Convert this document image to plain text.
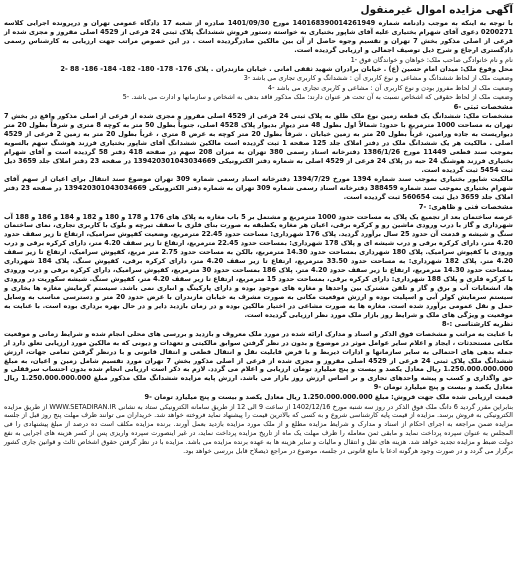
آگهی مزایده اموال غیرمنقول
با توجه به اینکه به موجب دادنامه شماره 140168390014261949 مورخ 1401/09/30 صادره از شعبه 17 دادگاه عمومی تهران و درپرونده اجرایی کلاسه 0200271 دعوی آقای شهرام بختیاری علیه آقای شاپور بختیاری به خواسته دستور فروش ششدانگ پلاک ثبتی 24 فرعی از 4529 اصلی مفروز و مجزی شده از فرعی از اصلی مذکور بخش 7 تهران و تقسیم وجوه حاصل از آن بین مالکین صادرگردیده است . در این خصوص مراتب جهت ارزیابی به کارشناس رسمی دادگستری ارجاع و شرح ذیل توصیف اجمالی و ارزیابی گردیده است.
نام و نام خانوادگی صاحب ملک: خواهان و خواندگان فوق -1
محل وقوع ملک: میدان امام حسین (ع) . خیابان برادران شهید ثقفی امانی . خیابان مازندران . پلاک 176- 178- 180- 182- 184- 186- 88 -2
وضعیت ملک از لحاظ ششدانگ و مشاعی و نوع کاربری آن : ششدانگ و کاربری تجاری می باشد -3
وضعیت ملک از لحاظ مفروز بودن و نوع کاربری آن : مشاعی و کاربری تجاری می باشد -4
وضعیت ملک از لحاظ حقوقی که اشخاص نسبت به آن تحت هر عنوان دارند: ملک مذکور فاقد بدهی به اشخاص و سازمانها و ادارت می باشد. -5
مشخصات ثبتی -6
مشخصات ملک: ششدانگ یک قطعه زمین نوع ملک طلق به پلاک ثبتی 24 فرعی از 4529 اصلی مفروز و مجزی شده از فرعی از اصلی مذکور واقع در بخش 7 تهران به مساحت 1000 مترمربع با حدود: شمالاً اول بطول 48 متر دیوار بدیوار پلاک 4528 اصلی، جنوباً بطول 50 متر به کوچه 8 متری و شرقاً بطول 20 متر دیواریست به جاده ورامین، غرباً بطول 20 متر به زمین خیابان . شرقاً بطول 20 متر کوچه به عرض 8 متری ، غرباً بطول 20 متر به زمین 2 فرعی از 4529 اصلی . مالکیت هر یک ششدانگ ملک در دفتر املاک جلد 125 صفحه 1 ثبت گردیده است مالکین ششدانگ آقای شاپور بختیاری فرزند هوشنگ سهم بالسویه بموجب سند قطعی 11449 مورخ 1386/1/26 دفترخانه اسناد رسمی 380 تهران به میزان 208 سهم در صفحه 418 دفتر 58 گردیده است و آقای شهرام بختیاری فرزند هوشنگ 24 حبه در پلاک 24 فرعی از 4529 اصلی به شماره دفتر الکترونیکی 139420301043034669 در صفحه 23 دفتر املاک جلد 3659 ذیل ثبت 5454 ثبت گردیده است.
مالکیت شاپور بختیاری بموجب سند شماره 1394 مورخ 1394/7/29 دفترخانه اسناد رسمی شماره 309 تهران موضوع سند انتقال برای اعیان از سهم آقای شهرام بختیاری بموجب سند شماره 388459 دفترخانه اسناد رسمی شماره 309 تهران به شماره دفتر الکترونیکی 139420301043034669 در صفحه 23 دفتر املاک جلد 3659 ذیل ثبت 560654 ثبت گردیده است.
مشخصات فنی و ظاهری: -7
عرصه ساختمان بعد از تجمیع یک پلاک به مساحت حدود 1000 مترمربع و مشتمل بر 5 باب مغازه به پلاک های 176 و 178 و 180 و 182 و 184 و 186 و 188 آب شهرداری و گاز با درب ورودی ماشین رو و کرکره برقی، اعیان هر مغازه یکطبقه به صورت بنای فلزی با سقف تیرچه و بلوک با کاربری تجاری، نمای ساختمان سنگ و شیشه و قدمت آن حدود 25 سال برآورد گردید. پلاک 176 شهرداری: مساحت حدود 22.45 مترمربع، وضعیت کفپوش سرامیک، ارتفاع تا زیر سقف حدود 4.20 متر، دارای کرکره برقی و درب شیشه ای و پلاک 178 شهرداری: بمساحت حدود 22.45 مترمربع، ارتفاع تا زیر سقف 4.20 متر، دارای کرکره برقی و درب ورودی با کفپوش سرامیک. پلاک 180 شهرداری بمساحت حدود 14.30 مترمربع، بالکن به مساحت حدود 2.75 متر مربع، کفپوش سرامیک، ارتفاع تا زیر سقف 4.20 متر. پلاک 182 شهرداری: به مساحت حدود 33.50 مترمربع، ارتفاع تا زیر سقف 4.20 متر، دارای کرکره برقی، کفپوش سنگ. پلاک 184 شهرداری بمساحت حدود 14.30 مترمربع، ارتفاع تا زیر سقف حدود 4.20 متر. پلاک 186 بمساحت حدود 30 مترمربع، کفپوش سرامیک، دارای کرکره برقی و درب ورودی با کرکره فلزی و پلاک 188 شهرداری: دارای کرکره برقی، بمساحت حدود 15 مترمربع، ارتفاع تا زیر سقف 4.20 متر، کفپوش سنگ. شیشه سکوریت در ورودی ها، انشعابات آب و برق و گاز و تلفن مشترک بین واحدها و مغازه های موجود بوده و دارای پارکینگ و انباری نمی باشد. سیستم گرمایش مغازه ها بخاری و سیستم سرمایش کولر آبی و اسپلیت بوده و ارزش موقعیت مکانی به صورت مشرف به خیابان مازندران با عرض حدود 20 متر و دسترسی مناسب به وسایل حمل و نقل عمومی برآورد شده است. مغازه ها به صورت مشاعی در اختیار مالکین بوده و در زمان بازدید دایر و در حال بهره برداری بوده است. با عنایت به موقعیت و ویژگی های ملک و شرایط روز بازار ملک مورد نظر ارزیابی گردیده است.
نظریه کارشناسی :-8
با عنایت به مراتب و مشخصات فوق الذکر و اسناد و مدارک ارائه شده در مورد ملک معروف و بازدید و بررسی های محلی انجام شده و شرایط زمانی و موقعیت مکانی مستحدثات ، ایجاد و اعلام سایر عوامل موثر در موضوع و بدون در نظر گرفتن سوابق مالکیتی و تعهدات و دیونی که به مالکین مورد ارزیابی تعلق دارد از جمله بدهی های احتمالی به سایر سازمانها و ادارات ذیربط و با فرض قابلیت نقل و انتقال قطعی و انتقال قانونی و با درنظر گرفتن تمامی جهات، ارزش ششدانگ ملک پلاک ثبتی 24 فرعی از 4529 اصلی مفروز و مجزی شده از فرعی از اصلی مذکور بخش 7 تهران مورد تقسیم شامل زمین و اعیان، به مبلغ 1.250.000.000.000 ریال معادل یکصد و بیست و پنج میلیارد تومان ارزیابی و اعلام می گردد. لازم به ذکر است ارزیابی انجام شده بدون احتساب سرقفلی و حق واگذاری و کسب و پیشه واحدهای تجاری و بر اساس ارزش روز بازار می باشد. ارزش پایه مزایده ششدانگ ملک مذکور مبلغ 1.250.000.000.000 ریال معادل یکصد و بیست و پنج میلیارد تومان -9
قیمت ارزیابی شده ملک جهت فروش: مبلغ 1.250.000.000.000 ریال معادل یکصد و بیست و پنج میلیارد تومان -9
بنابراین مقرر گردید 6 دانگ ملک فوق الذکر در روز سه شنبه مورخ 1402/12/16 از ساعت 9 الی 12 از طریق سامانه الکترونیکی ستاد به نشانی WWW.SETADIRAN.IR از طریق مزایده الکترونیکی به فروش برسد. مزایده از قیمت پایه کارشناسی شروع و به کسی که بالاترین قیمت را پیشنهاد نماید فروخته خواهد شد. خریداران می توانند ظرف مهلت پنج روز قبل از جلسه مزایده ضمن مراجعه به اجرای احکام از اسناد و مدارک و شرایط مزایده مطلع و از ملک مورد مزایده بازدید بعمل آورند. برنده مزایده مکلف است ده درصد از مبلغ پیشنهادی را فی المجلس به عنوان سپرده پرداخت نماید و مابقی ثمن معامله را ظرف مهلت یک ماه از تاریخ مزایده پرداخت نماید، در غیر اینصورت سپرده واریزی پس از کسر هزینه های اجرایی به نفع دولت ضبط و مزایده تجدید خواهد شد. هزینه های نقل و انتقال و مالیات و سایر هزینه ها به عهده برنده مزایده می باشد. مزایده با در نظر گرفتن حقوق اشخاص ثالث و قوانین جاری کشور برگزار می گردد و در صورت وجود هرگونه ادعا یا مانع قانونی در جلسه، موضوع در مراجع ذیصلاح قابل بررسی خواهد بود.
